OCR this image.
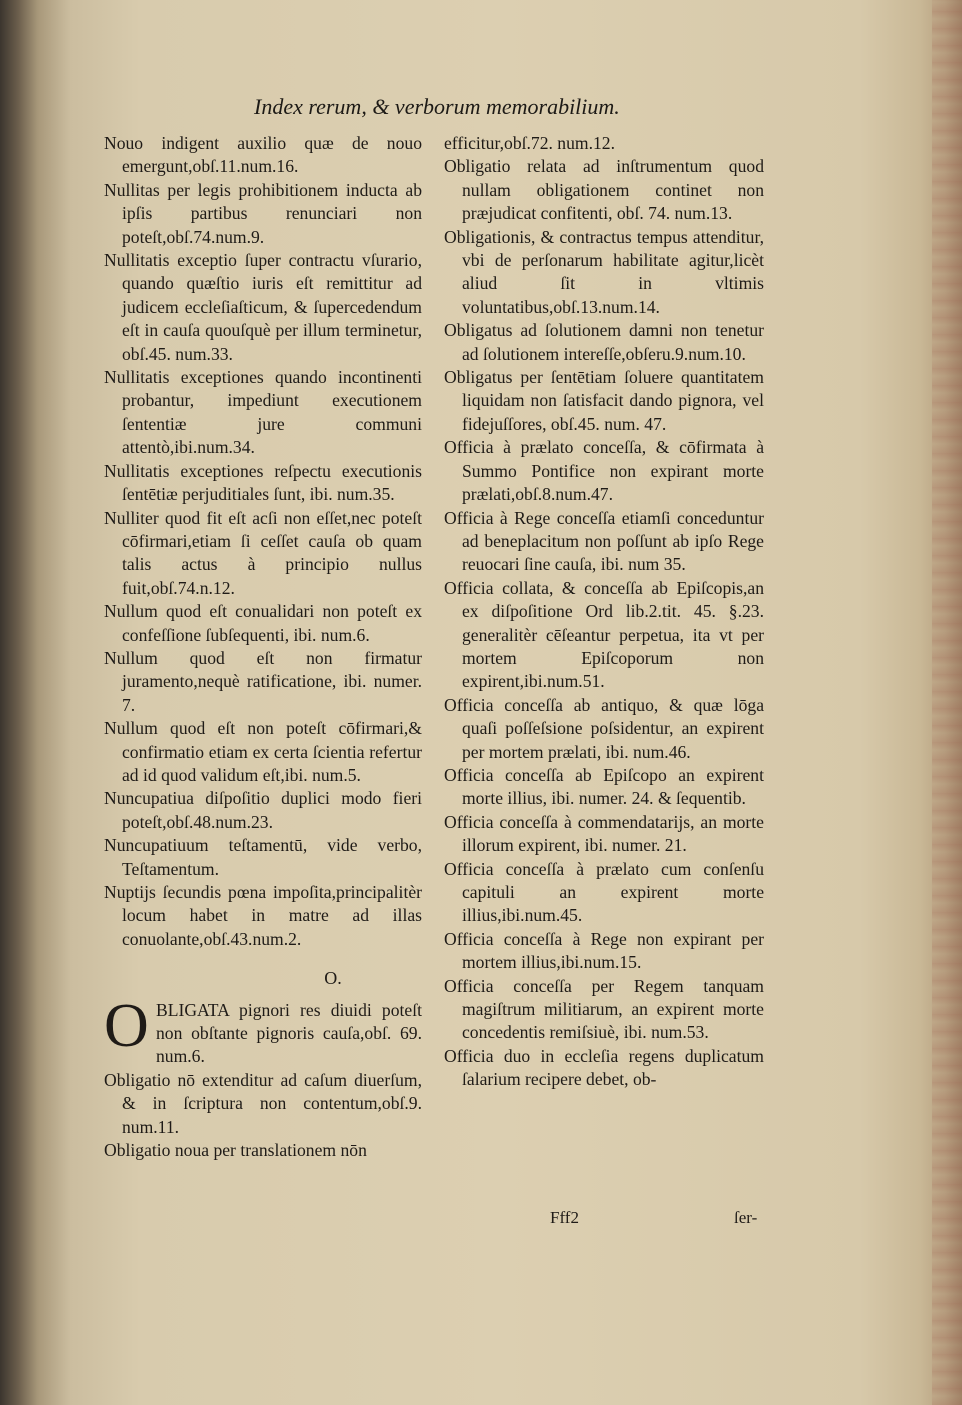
Index rerum, & verborum memorabilium.

Nouo indigent auxilio quæ de nouo emergunt,obſ.11.num.16.

Nullitas per legis prohibitionem inducta ab ipſis partibus renunciari non poteſt,obſ.74.num.9.

Nullitatis exceptio ſuper contractu vſurario, quando quæſtio iuris eſt remittitur ad judicem eccleſiaſticum, & ſupercedendum eſt in cauſa quouſquè per illum terminetur, obſ.45. num.33.

Nullitatis exceptiones quando incontinenti probantur, impediunt executionem ſententiæ jure communi attentò,ibi.num.34.

Nullitatis exceptiones reſpectu executionis ſentētiæ perjuditiales ſunt, ibi. num.35.

Nulliter quod fit eſt acſi non eſſet,nec poteſt cōfirmari,etiam ſi ceſſet cauſa ob quam talis actus à principio nullus fuit,obſ.74.n.12.

Nullum quod eſt conualidari non poteſt ex confeſſione ſubſequenti, ibi. num.6.

Nullum quod eſt non firmatur juramento,nequè ratificatione, ibi. numer. 7.

Nullum quod eſt non poteſt cōfirmari,& confirmatio etiam ex certa ſcientia refertur ad id quod validum eſt,ibi. num.5.

Nuncupatiua diſpoſitio duplici modo fieri poteſt,obſ.48.num.23.

Nuncupatiuum teſtamentū, vide verbo, Teſtamentum.

Nuptijs ſecundis pœna impoſita,principalitèr locum habet in matre ad illas conuolante,obſ.43.num.2.

O.
O BLIGATA pignori res diuidi poteſt non obſtante pignoris cauſa,obſ. 69. num.6.

Obligatio nō extenditur ad caſum diuerſum, & in ſcriptura non contentum,obſ.9. num.11.

Obligatio noua per translationem nōn

efficitur,obſ.72. num.12.

Obligatio relata ad inſtrumentum quod nullam obligationem continet non præjudicat confitenti, obſ. 74. num.13.

Obligationis, & contractus tempus attenditur, vbi de perſonarum habilitate agitur,licèt aliud ſit in vltimis voluntatibus,obſ.13.num.14.

Obligatus ad ſolutionem damni non tenetur ad ſolutionem intereſſe,obſeru.9.num.10.

Obligatus per ſentētiam ſoluere quantitatem liquidam non ſatisfacit dando pignora, vel fidejuſſores, obſ.45. num. 47.

Officia à prælato conceſſa, & cōfirmata à Summo Pontifice non expirant morte prælati,obſ.8.num.47.

Officia à Rege conceſſa etiamſi conceduntur ad beneplacitum non poſſunt ab ipſo Rege reuocari ſine cauſa, ibi. num 35.

Officia collata, & conceſſa ab Epiſcopis,an ex diſpoſitione Ord lib.2.tit. 45. §.23. generalitèr cēſeantur perpetua, ita vt per mortem Epiſcoporum non expirent,ibi.num.51.

Officia conceſſa ab antiquo, & quæ lōga quaſi poſſeſsione poſsidentur, an expirent per mortem prælati, ibi. num.46.

Officia conceſſa ab Epiſcopo an expirent morte illius, ibi. numer. 24. & ſequentib.

Officia conceſſa à commendatarijs, an morte illorum expirent, ibi. numer. 21.

Officia conceſſa à prælato cum conſenſu capituli an expirent morte illius,ibi.num.45.

Officia conceſſa à Rege non expirant per mortem illius,ibi.num.15.

Officia conceſſa per Regem tanquam magiſtrum militiarum, an expirent morte concedentis remiſsiuè, ibi. num.53.

Officia duo in eccleſia regens duplicatum ſalarium recipere debet, ob-

Fff2	ſer-
